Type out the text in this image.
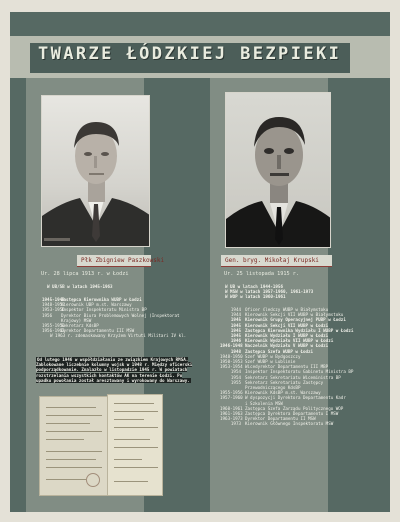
TWARZE ŁÓDZKIEJ BEZPIEKI
Płk Zbigniew Paszkowski	Gen. bryg. Mikołaj Krupski
Ur. 28 lipca 1913 r. w Łodzi	Ur. 25 listopada 1915 r.
W UB/SB w latach 1945-1963
1945-1948Zastępca Kierownika WUBP w Łodzi
1948-1952Kierownik UBP m.st. Warszawy
1953-1956Inspektor Inspektoratu Ministra BP
1956 Dyrektor Biura Problemowych Wolnej (Inspektorat
Krajowy) MSW
1955-1956Sekretarz KdsBP
1956-1963Dyrektor Departamentu III MSW
W 1963 r. zdemaskowany Krzyżem Virtuti Militari IV kl.
Od lutego 1946 w współdziałaniu ze związkiem Krajowych RMSA. Zablokowane liczebnie kolumny wojsk w 1948 r. Między oficerski podporządkowanie. Znalazło w listopadzie 1945 r. W powiatach rozstrzelania wszystkich kontaktów AK na terenie Łodzi. Po upadku powołania został aresztowany i wyrokowany do Warszawy.
W UB w latach 1944-1956
W MSW w latach 1957-1960, 1961-1973
W WOP w latach 1960-1961
1944 Oficer śledczy WUBP w Białymstoku
1944 Kierownik Sekcji VII WUBP w Białymstoku
1945 Kierownik Grupy Operacyjnej PUBP w Łodzi
1945 Kierownik Sekcji VII WUBP w Łodzi
1945 Zastępca Kierownika Wydziału I WUBP w Łodzi
1945 Kierownik Wydziału I WUBP w Łodzi
1946 Kierownik Wydziału VII WUBP w Łodzi
1946-1948 Naczelnik Wydziału V WUBP w Łodzi
1948 Zastępca Szefa WUBP w Łodzi
1948-1950 Szef WUBP w Bydgoszczy
1950-1953 Szef WUBP w Lublinie
1953-1954 Wicedyrektor Departamentu III MBP
1954 Inspektor Inspektoratu Gabinetu Ministra BP
1954 Sekretarz Sekretariatu Wiceministra BP
1955 Sekretarz Sekretariatu Zastępcy
Przewodniczącego KdsBP
1955-1956 Kierownik KdsBP m.st. Warszawy
1957-1960 W dyspozycji Dyrektora Departamentu Kadr
i Szkolenia MSW
1960-1961 Zastępca Szefa Zarządu Politycznego WOP
1961-1963 Zastępca Dyrektora Departamentu I MSW
1963-1973 Dyrektor Departamentu II MSW
1973 Kierownik Głównego Inspektoratu MSW
